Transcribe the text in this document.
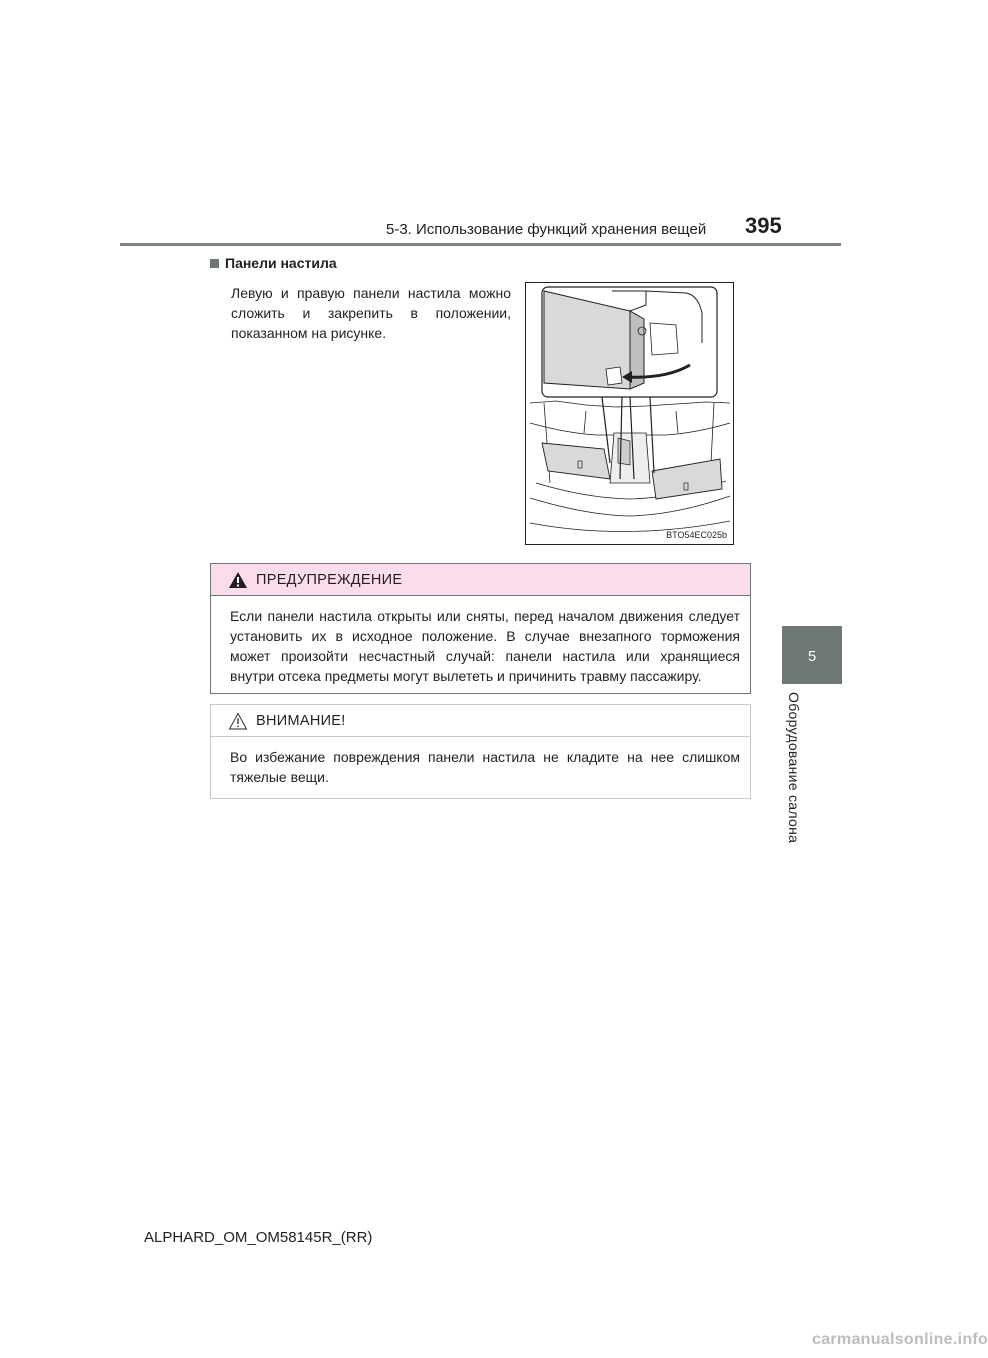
5-3. Использование функций хранения вещей 395
5
Оборудование салона
Панели настила
Левую и правую панели настила можно сложить и закрепить в положении, показанном на рисунке.
BTO54EC025b
ПРЕДУПРЕЖДЕНИЕ
Если панели настила открыты или сняты, перед началом движения следует установить их в исходное положение. В случае внезапного торможения может произойти несчастный случай: панели настила или хранящиеся внутри отсека предметы могут вылететь и причинить травму пассажиру.
ВНИМАНИЕ!
Во избежание повреждения панели настила не кладите на нее слишком тяжелые вещи.
ALPHARD_OM_OM58145R_(RR)
carmanualsonline.info
